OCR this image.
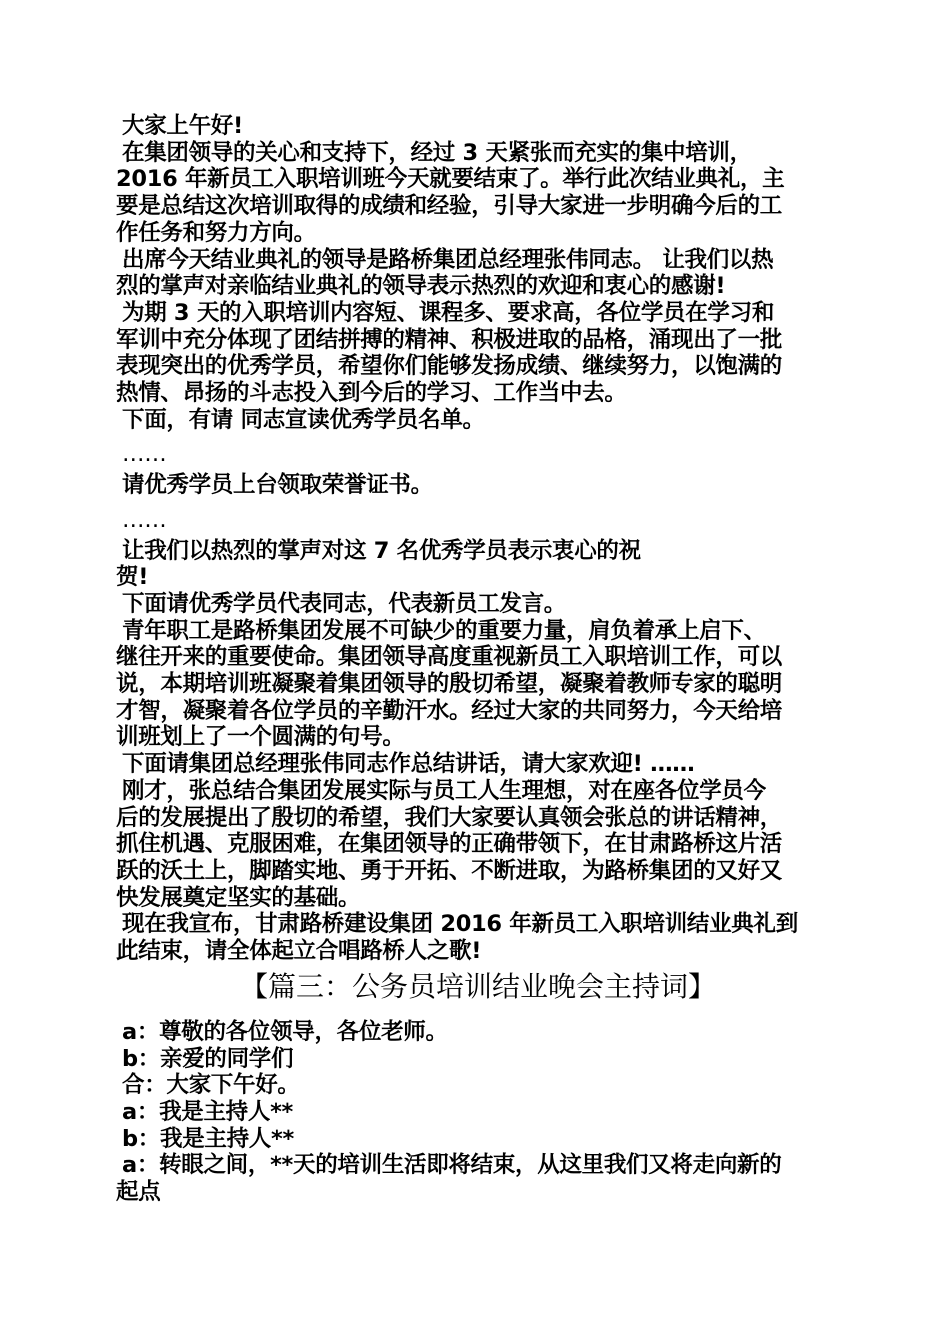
大家上午好!
在集团领导的关心和支持下，经过 3 天紧张而充实的集中培训，
2016 年新员工入职培训班今天就要结束了。举行此次结业典礼，主
要是总结这次培训取得的成绩和经验，引导大家进一步明确今后的工
作任务和努力方向。
出席今天结业典礼的领导是路桥集团总经理张伟同志。 让我们以热
烈的掌声对亲临结业典礼的领导表示热烈的欢迎和衷心的感谢!
为期 3 天的入职培训内容短、课程多、要求高，各位学员在学习和
军训中充分体现了团结拼搏的精神、积极进取的品格，涌现出了一批
表现突出的优秀学员，希望你们能够发扬成绩、继续努力，以饱满的
热情、昂扬的斗志投入到今后的学习、工作当中去。
下面，有请 同志宣读优秀学员名单。
……
请优秀学员上台领取荣誉证书。
……
让我们以热烈的掌声对这 7 名优秀学员表示衷心的祝
贺!
下面请优秀学员代表同志，代表新员工发言。
青年职工是路桥集团发展不可缺少的重要力量，肩负着承上启下、
继往开来的重要使命。集团领导高度重视新员工入职培训工作，可以
说，本期培训班凝聚着集团领导的殷切希望，凝聚着教师专家的聪明
才智，凝聚着各位学员的辛勤汗水。经过大家的共同努力，今天给培
训班划上了一个圆满的句号。
下面请集团总经理张伟同志作总结讲话，请大家欢迎! ……
刚才，张总结合集团发展实际与员工人生理想，对在座各位学员今
后的发展提出了殷切的希望，我们大家要认真领会张总的讲话精神，
抓住机遇、克服困难，在集团领导的正确带领下，在甘肃路桥这片活
跃的沃土上，脚踏实地、勇于开拓、不断进取，为路桥集团的又好又
快发展奠定坚实的基础。
现在我宣布，甘肃路桥建设集团 2016 年新员工入职培训结业典礼到
此结束，请全体起立合唱路桥人之歌!
【篇三：公务员培训结业晚会主持词】
a：尊敬的各位领导，各位老师。
b：亲爱的同学们
合：大家下午好。
a：我是主持人**
b：我是主持人**
a：转眼之间，**天的培训生活即将结束，从这里我们又将走向新的
起点
